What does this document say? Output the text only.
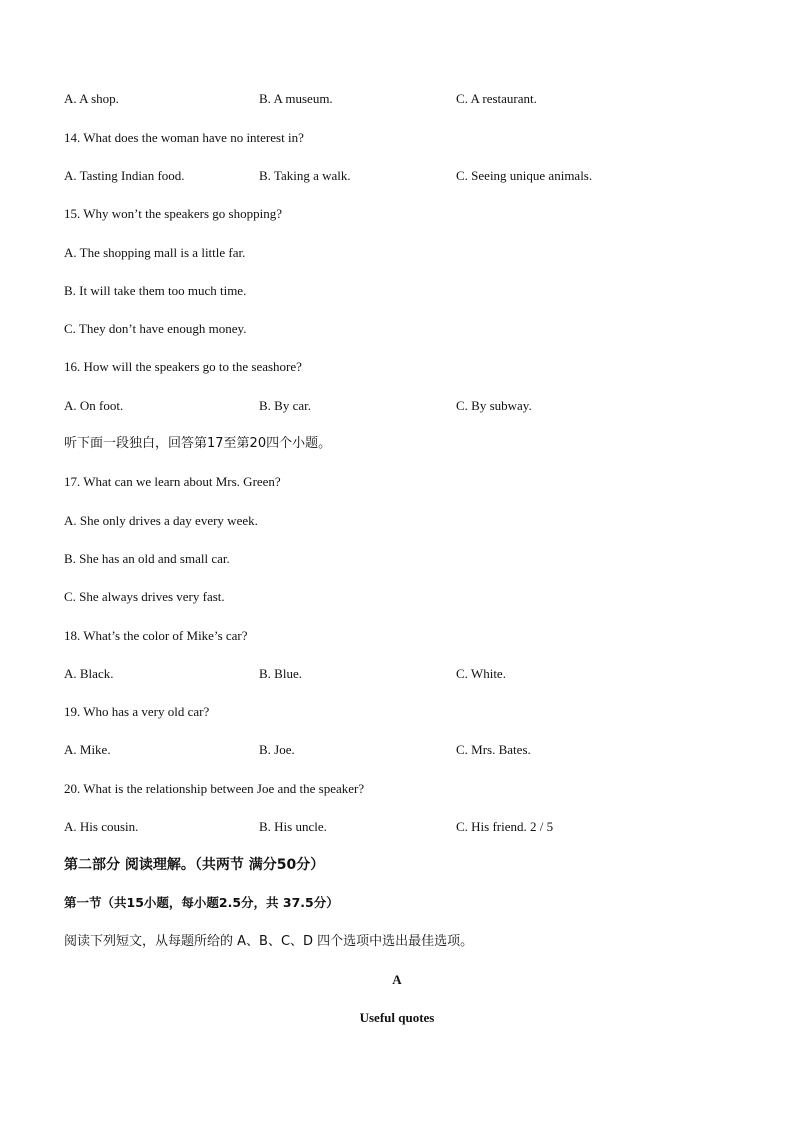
A. A shop.	B. A museum.	C. A restaurant.
14. What does the woman have no interest in?
A. Tasting Indian food.	B. Taking a walk.	C. Seeing unique animals.
15. Why won’t the speakers go shopping?
A. The shopping mall is a little far.
B. It will take them too much time.
C. They don’t have enough money.
16. How will the speakers go to the seashore?
A. On foot.	B. By car.	C. By subway.
听下面一段独白，回答第17至第20四个小题。
17. What can we learn about Mrs. Green?
A. She only drives a day every week.
B. She has an old and small car.
C. She always drives very fast.
18. What’s the color of Mike’s car?
A. Black.	B. Blue.	C. White.
19. Who has a very old car?
A. Mike.	B. Joe.	C. Mrs. Bates.
20. What is the relationship between Joe and the speaker?
A. His cousin.	B. His uncle.	C. His friend. 2 / 5
第二部分 阅读理解。（共两节 满分50分）
第一节（共15小题，每小题2.5分，共 37.5分）
阅读下列短文，从每题所给的 A、B、C、D 四个选项中选出最佳选项。
A
Useful quotes
